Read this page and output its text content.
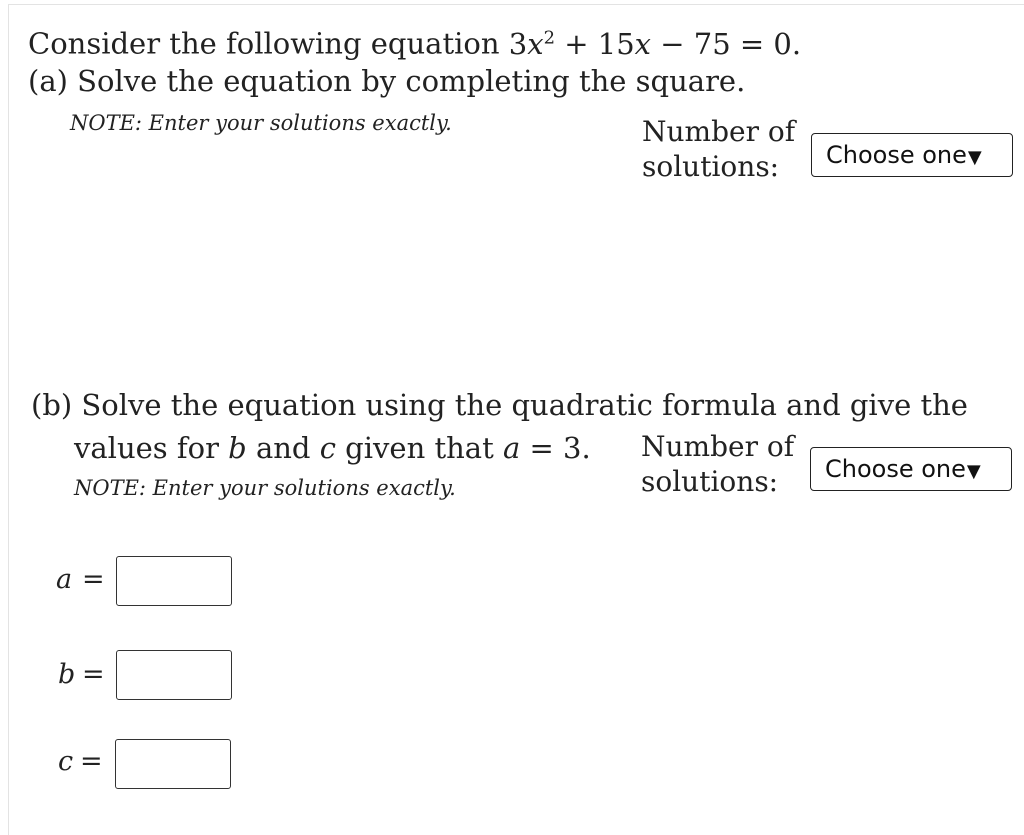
Consider the following equation $3x^2 + 15x - 75 = 0$.
(a) Solve the equation by completing the square.
NOTE: Enter your solutions exactly.	Number of
solutions: Choose one ▼
(b) Solve the equation using the quadratic formula and give the
values for b and c given that a = 3.
NOTE: Enter your solutions exactly.
Number of
solutions: Choose one ▼
a =
b =
c =
